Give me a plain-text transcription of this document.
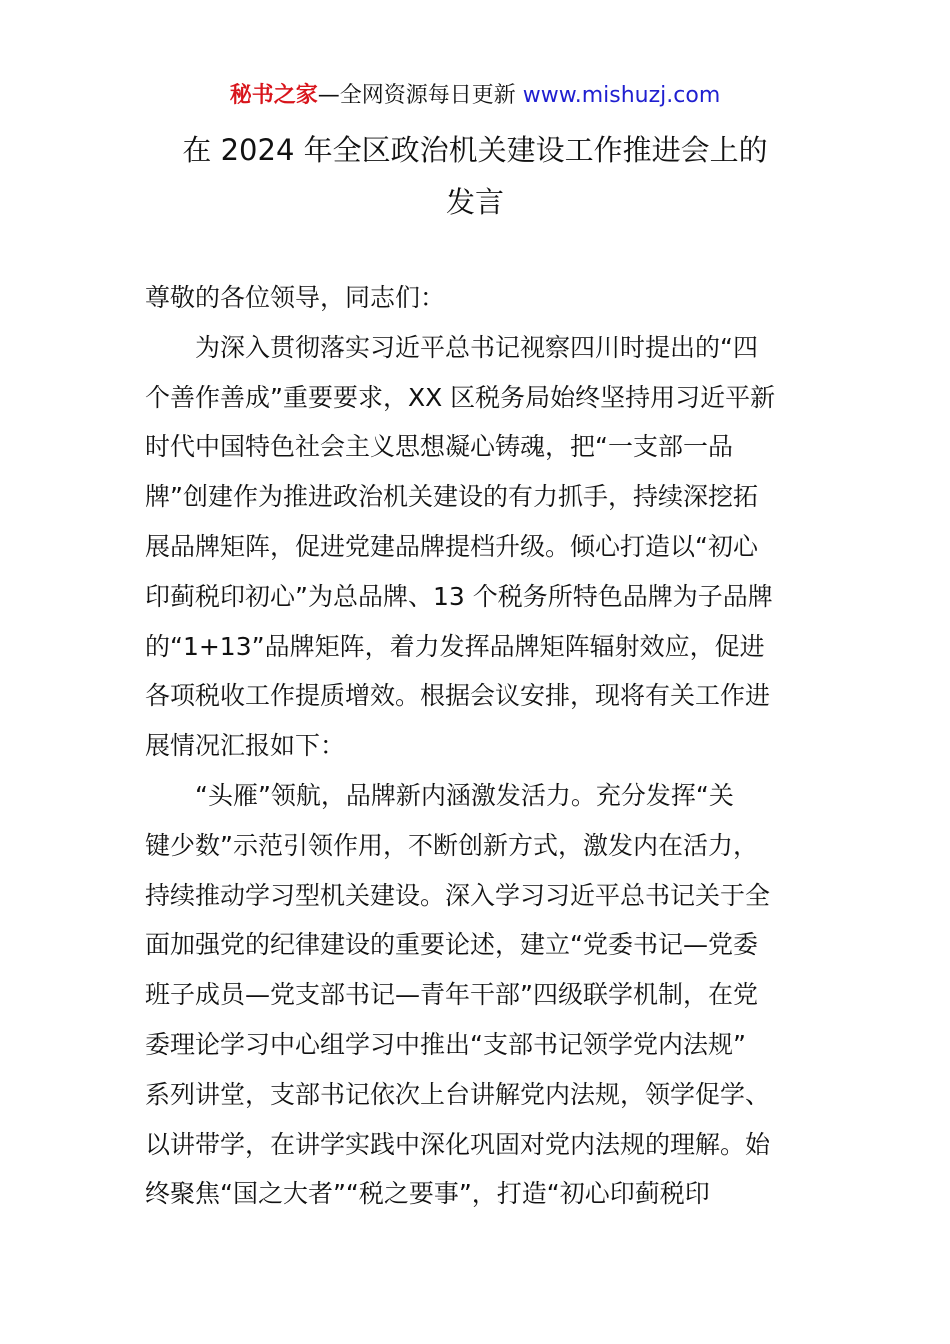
秘书之家—全网资源每日更新 www.mishuzj.com
在 2024 年全区政治机关建设工作推进会上的
发言
尊敬的各位领导，同志们：
为深入贯彻落实习近平总书记视察四川时提出的“四
个善作善成”重要要求，XX 区税务局始终坚持用习近平新
时代中国特色社会主义思想凝心铸魂，把“一支部一品
牌”创建作为推进政治机关建设的有力抓手，持续深挖拓
展品牌矩阵，促进党建品牌提档升级。倾心打造以“初心
印蓟税印初心”为总品牌、13 个税务所特色品牌为子品牌
的“1+13”品牌矩阵，着力发挥品牌矩阵辐射效应，促进
各项税收工作提质增效。根据会议安排，现将有关工作进
展情况汇报如下：
“头雁”领航，品牌新内涵激发活力。充分发挥“关
键少数”示范引领作用，不断创新方式，激发内在活力，
持续推动学习型机关建设。深入学习习近平总书记关于全
面加强党的纪律建设的重要论述，建立“党委书记—党委
班子成员—党支部书记—青年干部”四级联学机制，在党
委理论学习中心组学习中推出“支部书记领学党内法规”
系列讲堂，支部书记依次上台讲解党内法规，领学促学、
以讲带学，在讲学实践中深化巩固对党内法规的理解。始
终聚焦“国之大者”“税之要事”，打造“初心印蓟税印
